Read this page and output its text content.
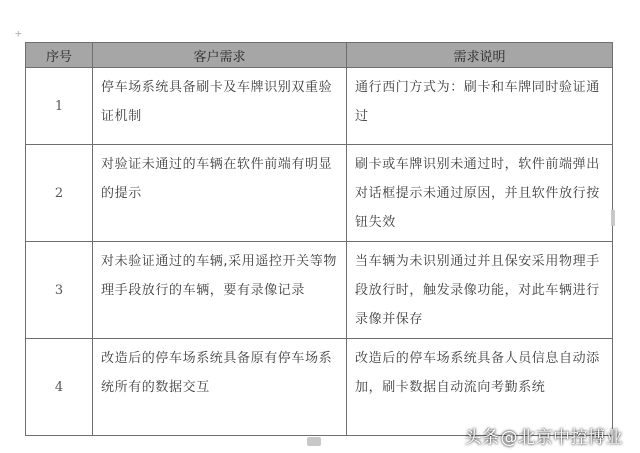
+
序号	客户需求	需求说明
1	停车场系统具备刷卡及车牌识别双重验证机制	通行西门方式为：刷卡和车牌同时验证通过

2	对验证未通过的车辆在软件前端有明显的提示	刷卡或车牌识别未通过时，软件前端弹出对话框提示未通过原因，并且软件放行按钮失效

3	对未验证通过的车辆,采用遥控开关等物理手段放行的车辆，要有录像记录	当车辆为未识别通过并且保安采用物理手段放行时，触发录像功能，对此车辆进行录像并保存

4	改造后的停车场系统具备原有停车场系统所有的数据交互	改造后的停车场系统具备人员信息自动添加，刷卡数据自动流向考勤系统
头条 @北京中控博业
